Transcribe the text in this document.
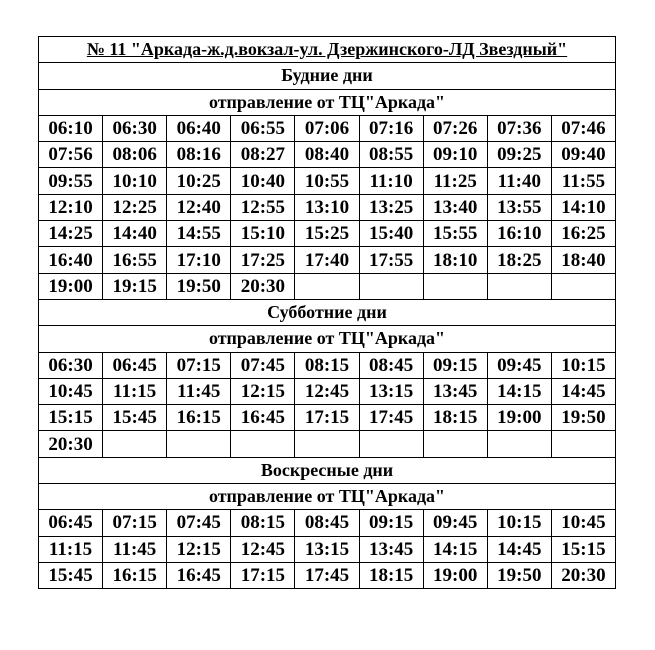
№ 11 "Аркада-ж.д.вокзал-ул. Дзержинского-ЛД Звездный"								
Будние дни								
отправление от ТЦ"Аркада"								
06:10	06:30	06:40	06:55	07:06	07:16	07:26	07:36	07:46
07:56	08:06	08:16	08:27	08:40	08:55	09:10	09:25	09:40
09:55	10:10	10:25	10:40	10:55	11:10	11:25	11:40	11:55
12:10	12:25	12:40	12:55	13:10	13:25	13:40	13:55	14:10
14:25	14:40	14:55	15:10	15:25	15:40	15:55	16:10	16:25
16:40	16:55	17:10	17:25	17:40	17:55	18:10	18:25	18:40
19:00	19:15	19:50	20:30					
Субботние дни								
отправление от ТЦ"Аркада"								
06:30	06:45	07:15	07:45	08:15	08:45	09:15	09:45	10:15
10:45	11:15	11:45	12:15	12:45	13:15	13:45	14:15	14:45
15:15	15:45	16:15	16:45	17:15	17:45	18:15	19:00	19:50
20:30								
Воскресные дни								
отправление от ТЦ"Аркада"								
06:45	07:15	07:45	08:15	08:45	09:15	09:45	10:15	10:45
11:15	11:45	12:15	12:45	13:15	13:45	14:15	14:45	15:15
15:45	16:15	16:45	17:15	17:45	18:15	19:00	19:50	20:30
